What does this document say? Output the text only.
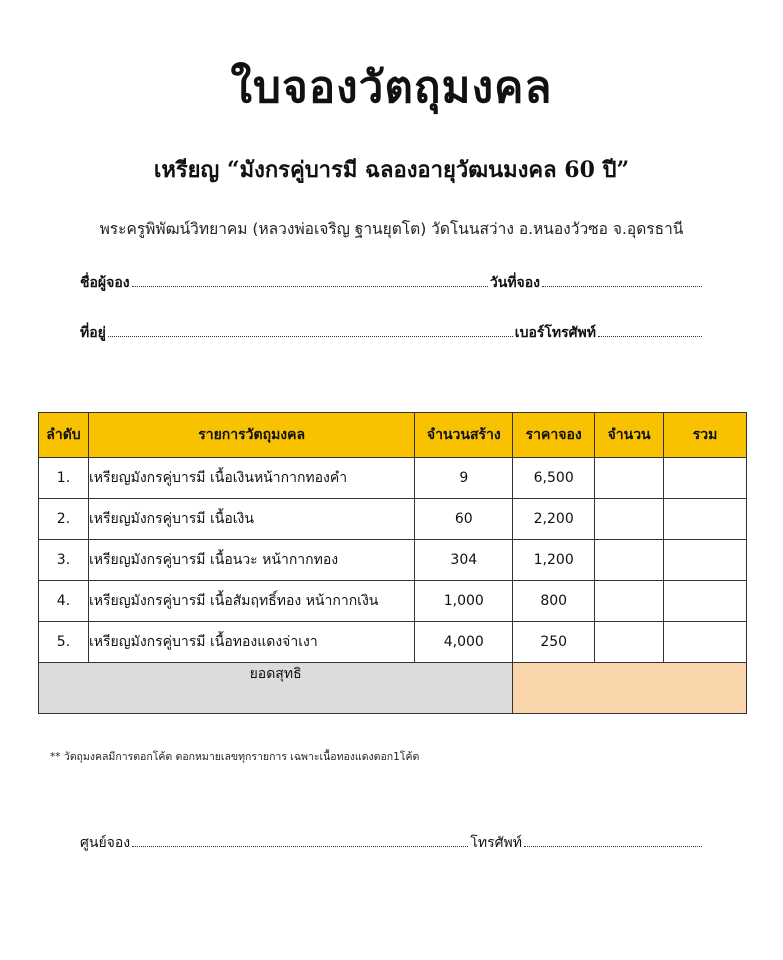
ใบจองวัตถุมงคล
เหรียญ “มังกรคู่บารมี ฉลองอายุวัฒนมงคล 60 ปี”
พระครูพิพัฒน์วิทยาคม (หลวงพ่อเจริญ ฐานยุตโต) วัดโนนสว่าง อ.หนองวัวซอ จ.อุดรธานี
ชื่อผู้จอง	วันที่จอง
ที่อยู่	เบอร์โทรศัพท์
ลำดับ	รายการวัตถุมงคล	จำนวนสร้าง	ราคาจอง	จำนวน	รวม
1.	เหรียญมังกรคู่บารมี เนื้อเงินหน้ากากทองคำ	9	6,500		
2.	เหรียญมังกรคู่บารมี เนื้อเงิน	60	2,200		
3.	เหรียญมังกรคู่บารมี เนื้อนวะ หน้ากากทอง	304	1,200		
4.	เหรียญมังกรคู่บารมี เนื้อสัมฤทธิ์ทอง หน้ากากเงิน	1,000	800		
5.	เหรียญมังกรคู่บารมี เนื้อทองแดงจ่าเงา	4,000	250		
ยอดสุทธิ					
** วัตถุมงคลมีการตอกโค้ต ตอกหมายเลขทุกรายการ เฉพาะเนื้อทองแดงตอก1โค้ต
ศูนย์จอง	โทรศัพท์
